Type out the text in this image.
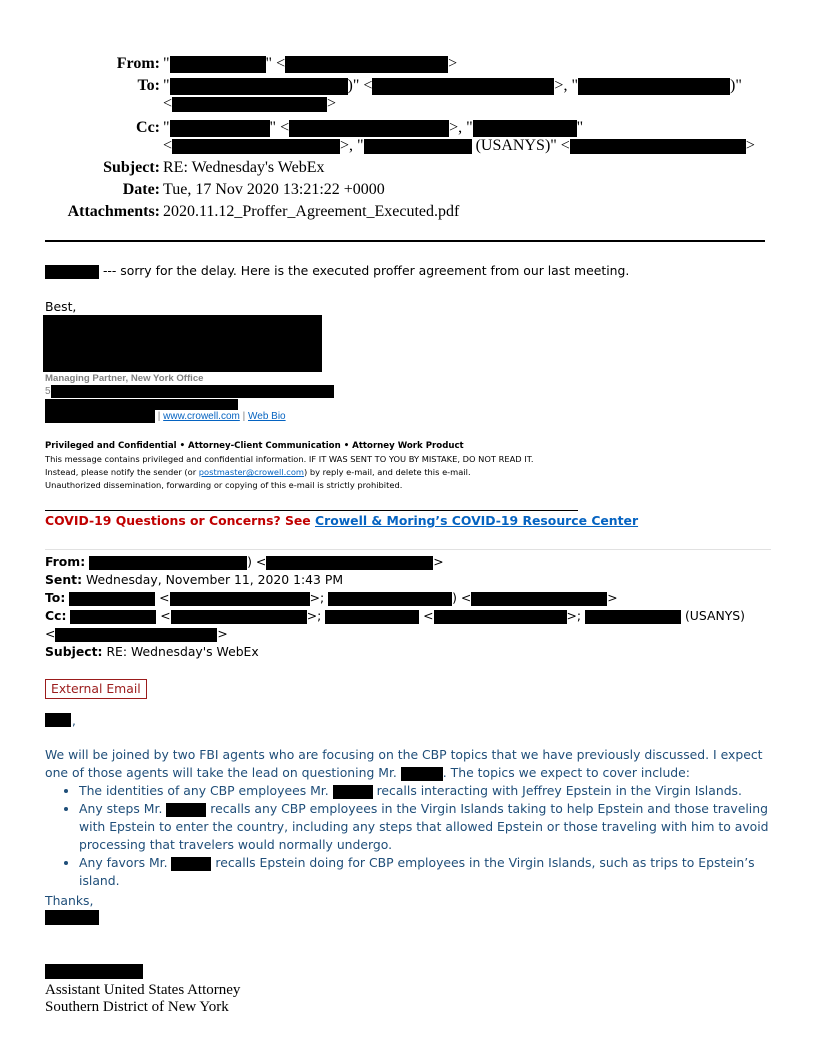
From: "	" <	>
To: "	)" <	>, "	)"
<	>
Cc: "	" <	>, "	"
<	>, "	(USANYS)" <	>
Subject: RE: Wednesday's WebEx
Date: Tue, 17 Nov 2020 13:21:22 +0000
Attachments: 2020.11.12_Proffer_Agreement_Executed.pdf
--- sorry for the delay. Here is the executed proffer agreement from our last meeting.
Best,
Managing Partner, New York Office
5
| www.crowell.com | Web Bio
Privileged and Confidential • Attorney-Client Communication • Attorney Work Product
This message contains privileged and confidential information. IF IT WAS SENT TO YOU BY MISTAKE, DO NOT READ IT.
Instead, please notify the sender (or postmaster@crowell.com) by reply e-mail, and delete this e-mail.
Unauthorized dissemination, forwarding or copying of this e-mail is strictly prohibited.
COVID-19 Questions or Concerns? See Crowell & Moring’s COVID-19 Resource Center
From:	) <	>
Sent: Wednesday, November 11, 2020 1:43 PM
To:	<	>;	) <	>
Cc:	<	>;	<	>;	(USANYS)
<	>
Subject: RE: Wednesday's WebEx
External Email
,
We will be joined by two FBI agents who are focusing on the CBP topics that we have previously discussed. I expect one of those agents will take the lead on questioning Mr.	. The topics we expect to cover include:
• The identities of any CBP employees Mr.	recalls interacting with Jeffrey Epstein in the Virgin Islands.
• Any steps Mr.	recalls any CBP employees in the Virgin Islands taking to help Epstein and those traveling with Epstein to enter the country, including any steps that allowed Epstein or those traveling with him to avoid processing that travelers would normally undergo.
• Any favors Mr.	recalls Epstein doing for CBP employees in the Virgin Islands, such as trips to Epstein’s island.
Thanks,
Assistant United States Attorney
Southern District of New York
